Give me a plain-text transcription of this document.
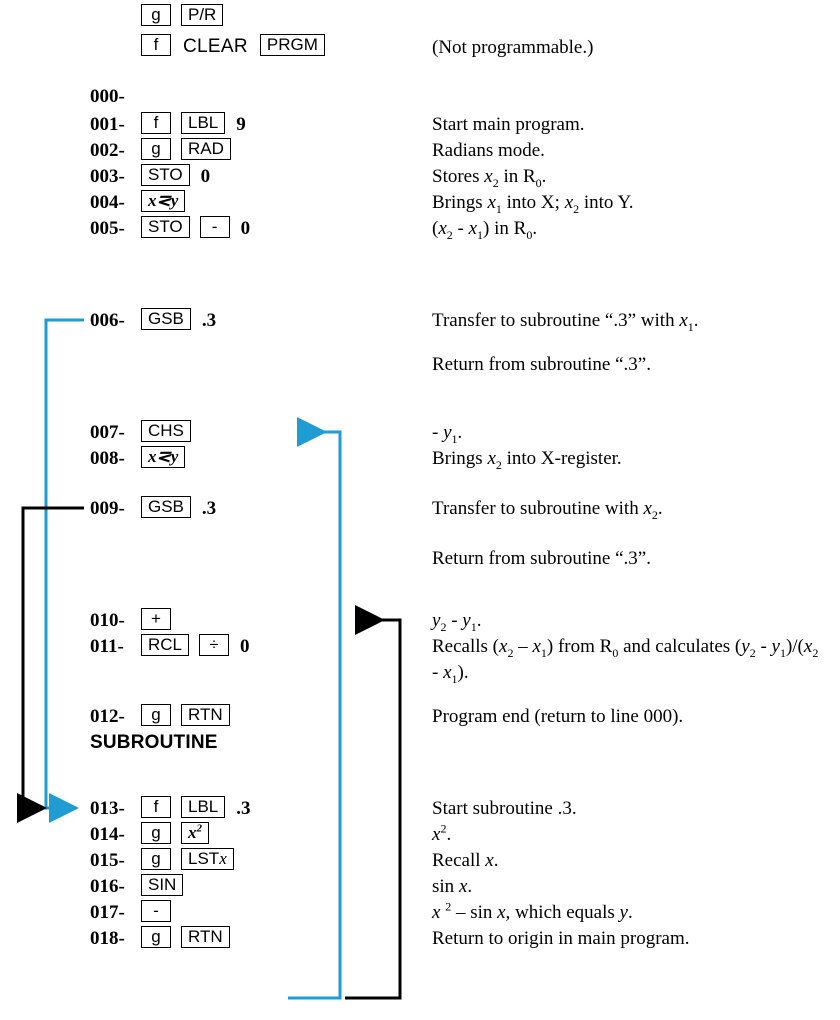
g P/R
f CLEAR PRGM	(Not programmable.)
000-
001-	f LBL 9	Start main program.
002-	g RAD	Radians mode.
003-	STO 0	Stores $x_2$ in $R_0$.
004-	x⋜y	Brings $x_1$ into X; $x_2$ into Y.
005-	STO - 0	$(x_2 - x_1)$ in $R_0$.
006-	GSB .3	Transfer to subroutine “.3” with $x_1$.
Return from subroutine “.3”.
007-	CHS	- $y_1$.
008-	x⋜y	Brings $x_2$ into X-register.
009-	GSB .3	Transfer to subroutine with $x_2$.
Return from subroutine “.3”.
010-	+	$y_2 - y_1$.
011-	RCL ÷ 0	Recalls $(x_2 - x_1)$ from $R_0$ and calculates $(y_2 - y_1)/(x_2 - x_1)$.
012-	g RTN	Program end (return to line 000).
SUBROUTINE
013-	f LBL .3	Start subroutine .3.
014-	g $x^2$	$x^2$.
015-	g LSTx	Recall x.
016-	SIN	sin x.
017-	-	x $^2$ – sin x, which equals y.
018-	g RTN	Return to origin in main program.
